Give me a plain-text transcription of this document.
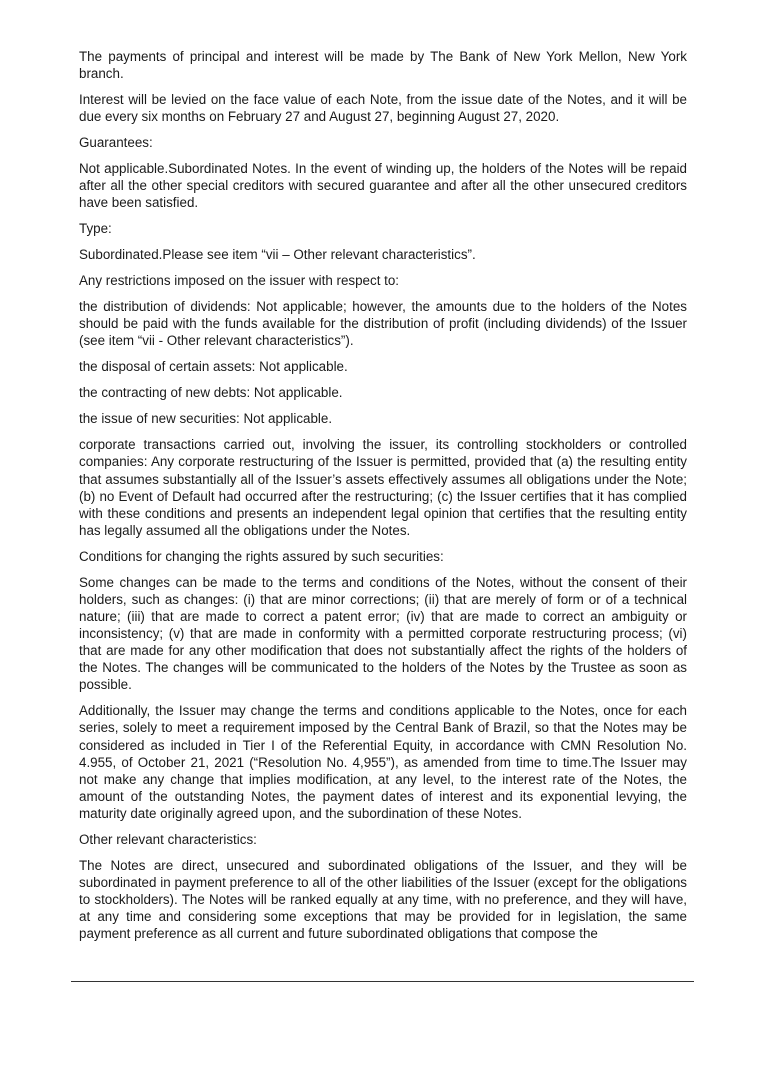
The payments of principal and interest will be made by The Bank of New York Mellon, New York branch.

Interest will be levied on the face value of each Note, from the issue date of the Notes, and it will be due every six months on February 27 and August 27, beginning August 27, 2020.

Guarantees:

Not applicable.Subordinated Notes. In the event of winding up, the holders of the Notes will be repaid after all the other special creditors with secured guarantee and after all the other unsecured creditors have been satisfied.

Type:

Subordinated.Please see item “vii – Other relevant characteristics”.

Any restrictions imposed on the issuer with respect to:

the distribution of dividends: Not applicable; however, the amounts due to the holders of the Notes should be paid with the funds available for the distribution of profit (including dividends) of the Issuer (see item “vii - Other relevant characteristics”).

the disposal of certain assets: Not applicable.

the contracting of new debts: Not applicable.

the issue of new securities: Not applicable.

corporate transactions carried out, involving the issuer, its controlling stockholders or controlled companies: Any corporate restructuring of the Issuer is permitted, provided that (a) the resulting entity that assumes substantially all of the Issuer’s assets effectively assumes all obligations under the Note; (b) no Event of Default had occurred after the restructuring; (c) the Issuer certifies that it has complied with these conditions and presents an independent legal opinion that certifies that the resulting entity has legally assumed all the obligations under the Notes.

Conditions for changing the rights assured by such securities:

Some changes can be made to the terms and conditions of the Notes, without the consent of their holders, such as changes: (i) that are minor corrections; (ii) that are merely of form or of a technical nature; (iii) that are made to correct a patent error; (iv) that are made to correct an ambiguity or inconsistency; (v) that are made in conformity with a permitted corporate restructuring process; (vi) that are made for any other modification that does not substantially affect the rights of the holders of the Notes. The changes will be communicated to the holders of the Notes by the Trustee as soon as possible.

Additionally, the Issuer may change the terms and conditions applicable to the Notes, once for each series, solely to meet a requirement imposed by the Central Bank of Brazil, so that the Notes may be considered as included in Tier I of the Referential Equity, in accordance with CMN Resolution No. 4.955, of October 21, 2021 (“Resolution No. 4,955”), as amended from time to time.The Issuer may not make any change that implies modification, at any level, to the interest rate of the Notes, the amount of the outstanding Notes, the payment dates of interest and its exponential levying, the maturity date originally agreed upon, and the subordination of these Notes.

Other relevant characteristics:

The Notes are direct, unsecured and subordinated obligations of the Issuer, and they will be subordinated in payment preference to all of the other liabilities of the Issuer (except for the obligations to stockholders). The Notes will be ranked equally at any time, with no preference, and they will have, at any time and considering some exceptions that may be provided for in legislation, the same payment preference as all current and future subordinated obligations that compose the
